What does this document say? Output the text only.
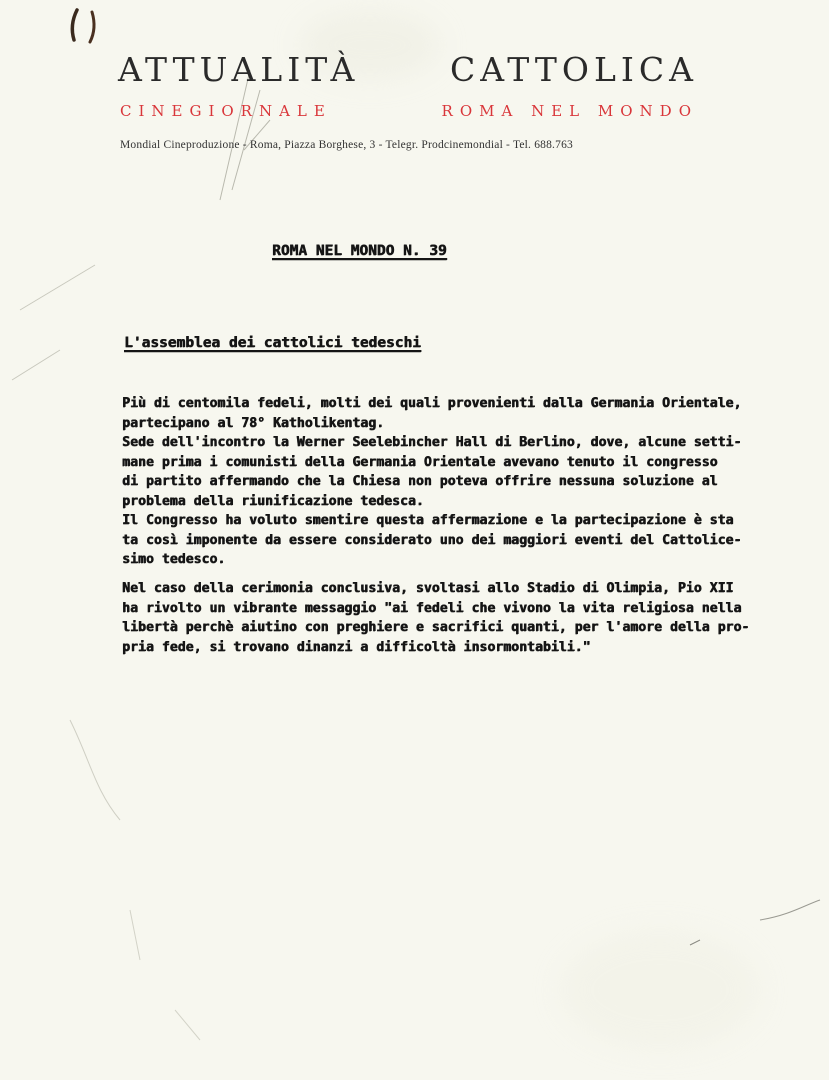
ATTUALITÀ	CATTOLICA
CINEGIORNALE	ROMA NEL MONDO
Mondial Cineproduzione - Roma, Piazza Borghese, 3 - Telegr. Prodcinemondial - Tel. 688.763
ROMA NEL MONDO N. 39
L'assemblea dei cattolici tedeschi
Più di centomila fedeli, molti dei quali provenienti dalla Germania Orientale,
partecipano al 78° Katholikentag.
Sede dell'incontro la Werner Seelebincher Hall di Berlino, dove, alcune setti-
mane prima i comunisti della Germania Orientale avevano tenuto il congresso
di partito affermando che la Chiesa non poteva offrire nessuna soluzione al
problema della riunificazione tedesca.
Il Congresso ha voluto smentire questa affermazione e la partecipazione è sta
ta così imponente da essere considerato uno dei maggiori eventi del Cattolice-
simo tedesco.
Nel caso della cerimonia conclusiva, svoltasi allo Stadio di Olimpia, Pio XII
ha rivolto un vibrante messaggio "ai fedeli che vivono la vita religiosa nella
libertà perchè aiutino con preghiere e sacrifici quanti, per l'amore della pro-
pria fede, si trovano dinanzi a difficoltà insormontabili."
